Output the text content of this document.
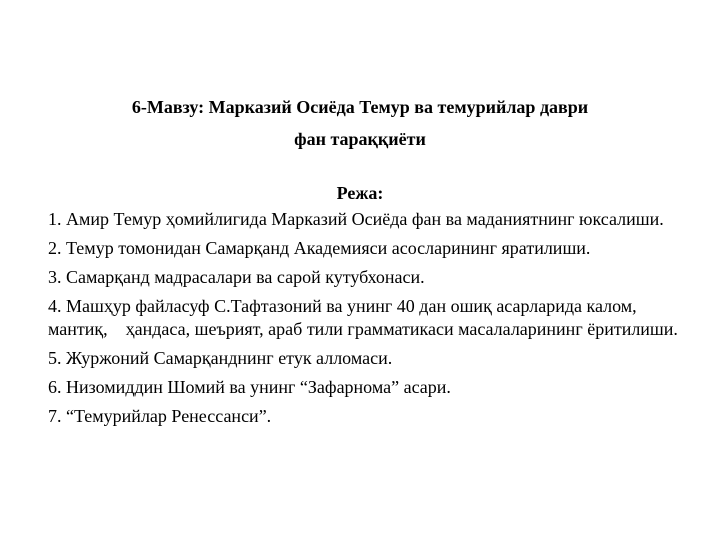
6-Мавзу: Марказий Осиёда Темур ва темурийлар даври
фан тараққиёти
Режа:
1. Амир Темур ҳомийлигида Марказий Осиёда фан ва маданиятнинг юксалиши.
2. Темур томонидан Самарқанд Академияси асосларининг яратилиши.
3. Самарқанд мадрасалари ва сарой кутубхонаси.
4. Машҳур файласуф С.Тафтазоний ва унинг 40 дан ошиқ асарларида калом, мантиқ,    ҳандаса, шеърият, араб тили грамматикаси масалаларининг ёритилиши.
5. Журжоний Самарқанднинг етук алломаси.
6. Низомиддин Шомий ва унинг “Зафарнома” асари.
7. “Темурийлар Ренессанси”.
